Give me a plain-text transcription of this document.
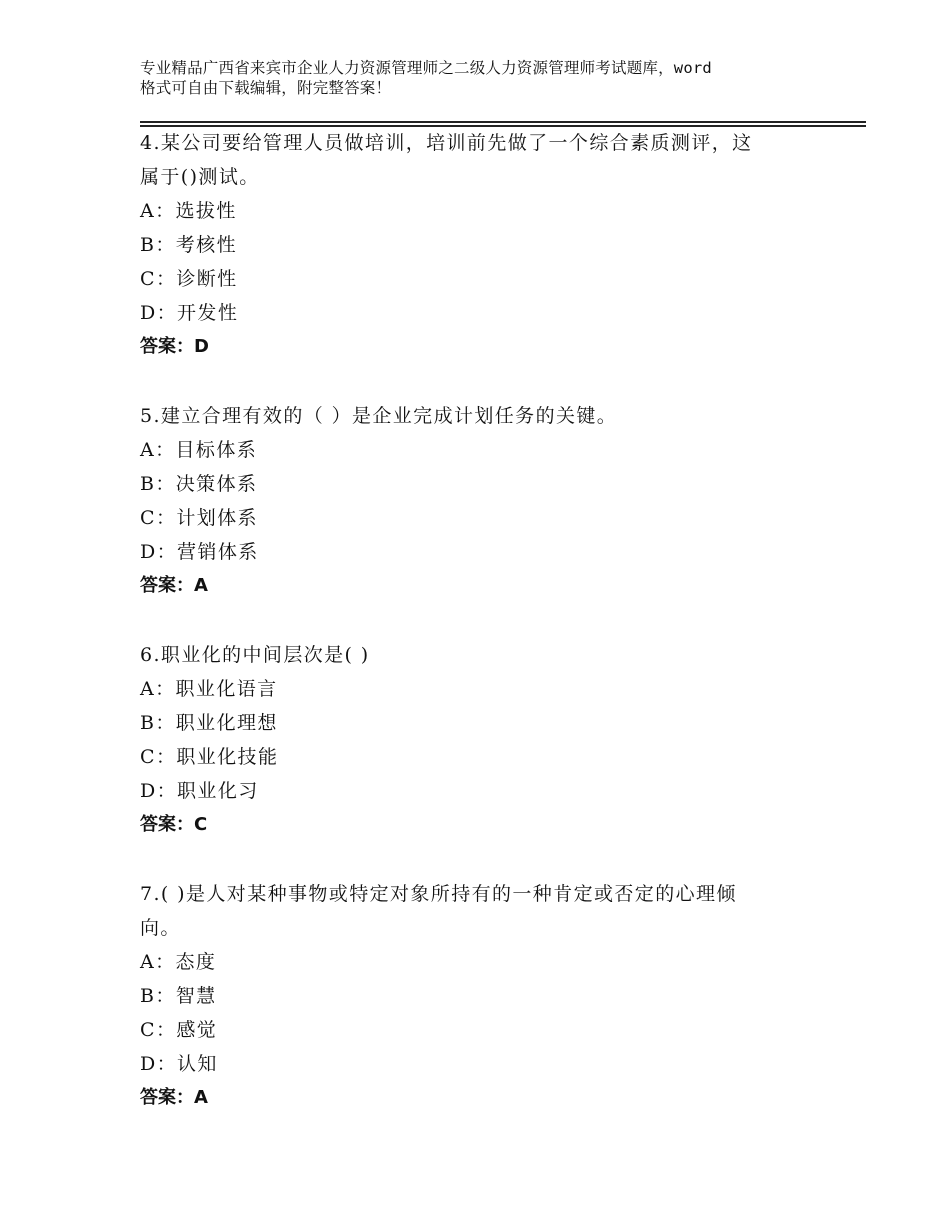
专业精品广西省来宾市企业人力资源管理师之二级人力资源管理师考试题库，word
格式可自由下载编辑，附完整答案！
4.某公司要给管理人员做培训，培训前先做了一个综合素质测评，这
属于()测试。
A：选拔性
B：考核性
C：诊断性
D：开发性
答案：D
5.建立合理有效的（ ）是企业完成计划任务的关键。
A：目标体系
B：决策体系
C：计划体系
D：营销体系
答案：A
6.职业化的中间层次是( )
A：职业化语言
B：职业化理想
C：职业化技能
D：职业化习
答案：C
7.( )是人对某种事物或特定对象所持有的一种肯定或否定的心理倾
向。
A：态度
B：智慧
C：感觉
D：认知
答案：A
